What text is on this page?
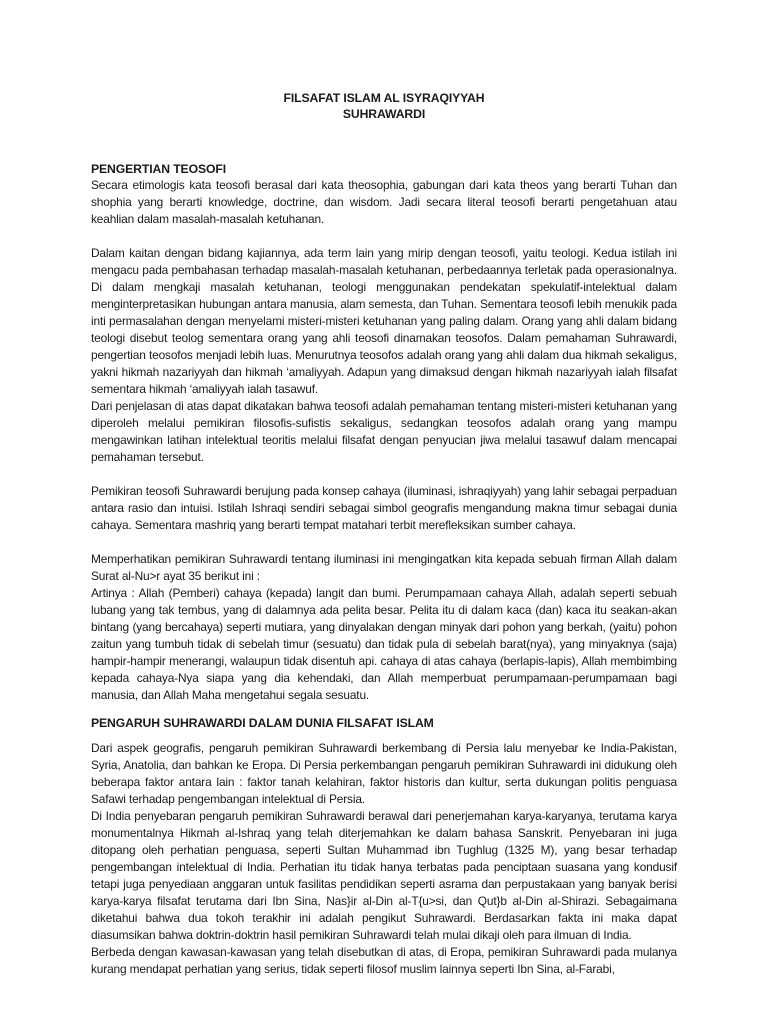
FILSAFAT ISLAM AL ISYRAQIYYAH

SUHRAWARDI

PENGERTIAN TEOSOFI

Secara etimologis kata teosofi berasal dari kata theosophia, gabungan dari kata theos yang berarti Tuhan dan shophia yang berarti knowledge, doctrine, dan wisdom. Jadi secara literal teosofi berarti pengetahuan atau keahlian dalam masalah-masalah ketuhanan.

Dalam kaitan dengan bidang kajiannya, ada term lain yang mirip dengan teosofi, yaitu teologi. Kedua istilah ini mengacu pada pembahasan terhadap masalah-masalah ketuhanan, perbedaannya terletak pada operasionalnya. Di dalam mengkaji masalah ketuhanan, teologi menggunakan pendekatan spekulatif-intelektual dalam menginterpretasikan hubungan antara manusia, alam semesta, dan Tuhan. Sementara teosofi lebih menukik pada inti permasalahan dengan menyelami misteri-misteri ketuhanan yang paling dalam. Orang yang ahli dalam bidang teologi disebut teolog sementara orang yang ahli teosofi dinamakan teosofos. Dalam pemahaman Suhrawardi, pengertian teosofos menjadi lebih luas. Menurutnya teosofos adalah orang yang ahli dalam dua hikmah sekaligus, yakni hikmah nazariyyah dan hikmah ‘amaliyyah. Adapun yang dimaksud dengan hikmah nazariyyah ialah filsafat sementara hikmah ‘amaliyyah ialah tasawuf.

Dari penjelasan di atas dapat dikatakan bahwa teosofi adalah pemahaman tentang misteri-misteri ketuhanan yang diperoleh melalui pemikiran filosofis-sufistis sekaligus, sedangkan teosofos adalah orang yang mampu mengawinkan latihan intelektual teoritis melalui filsafat dengan penyucian jiwa melalui tasawuf dalam mencapai pemahaman tersebut.

Pemikiran teosofi Suhrawardi berujung pada konsep cahaya (iluminasi, ishraqiyyah) yang lahir sebagai perpaduan antara rasio dan intuisi. Istilah Ishraqi sendiri sebagai simbol geografis mengandung makna timur sebagai dunia cahaya. Sementara mashriq yang berarti tempat matahari terbit merefleksikan sumber cahaya.

Memperhatikan pemikiran Suhrawardi tentang iluminasi ini mengingatkan kita kepada sebuah firman Allah dalam Surat al-Nu>r ayat 35 berikut ini :

Artinya : Allah (Pemberi) cahaya (kepada) langit dan bumi. Perumpamaan cahaya Allah, adalah seperti sebuah lubang yang tak tembus, yang di dalamnya ada pelita besar. Pelita itu di dalam kaca (dan) kaca itu seakan-akan bintang (yang bercahaya) seperti mutiara, yang dinyalakan dengan minyak dari pohon yang berkah, (yaitu) pohon zaitun yang tumbuh tidak di sebelah timur (sesuatu) dan tidak pula di sebelah barat(nya), yang minyaknya (saja) hampir-hampir menerangi, walaupun tidak disentuh api. cahaya di atas cahaya (berlapis-lapis), Allah membimbing kepada cahaya-Nya siapa yang dia kehendaki, dan Allah memperbuat perumpamaan-perumpamaan bagi manusia, dan Allah Maha mengetahui segala sesuatu.

PENGARUH SUHRAWARDI DALAM DUNIA FILSAFAT ISLAM

Dari aspek geografis, pengaruh pemikiran Suhrawardi berkembang di Persia lalu menyebar ke India-Pakistan, Syria, Anatolia, dan bahkan ke Eropa. Di Persia perkembangan pengaruh pemikiran Suhrawardi ini didukung oleh beberapa faktor antara lain : faktor tanah kelahiran, faktor historis dan kultur, serta dukungan politis penguasa Safawi terhadap pengembangan intelektual di Persia.

Di India penyebaran pengaruh pemikiran Suhrawardi berawal dari penerjemahan karya-karyanya, terutama karya monumentalnya Hikmah al-Ishraq yang telah diterjemahkan ke dalam bahasa Sanskrit. Penyebaran ini juga ditopang oleh perhatian penguasa, seperti Sultan Muhammad ibn Tughlug (1325 M), yang besar terhadap pengembangan intelektual di India. Perhatian itu tidak hanya terbatas pada penciptaan suasana yang kondusif tetapi juga penyediaan anggaran untuk fasilitas pendidikan seperti asrama dan perpustakaan yang banyak berisi karya-karya filsafat terutama dari Ibn Sina, Nas}ir al-Din al-T{u>si, dan Qut}b al-Din al-Shirazi. Sebagaimana diketahui bahwa dua tokoh terakhir ini adalah pengikut Suhrawardi. Berdasarkan fakta ini maka dapat diasumsikan bahwa doktrin-doktrin hasil pemikiran Suhrawardi telah mulai dikaji oleh para ilmuan di India.

Berbeda dengan kawasan-kawasan yang telah disebutkan di atas, di Eropa, pemikiran Suhrawardi pada mulanya kurang mendapat perhatian yang serius, tidak seperti filosof muslim lainnya seperti Ibn Sina, al-Farabi,
